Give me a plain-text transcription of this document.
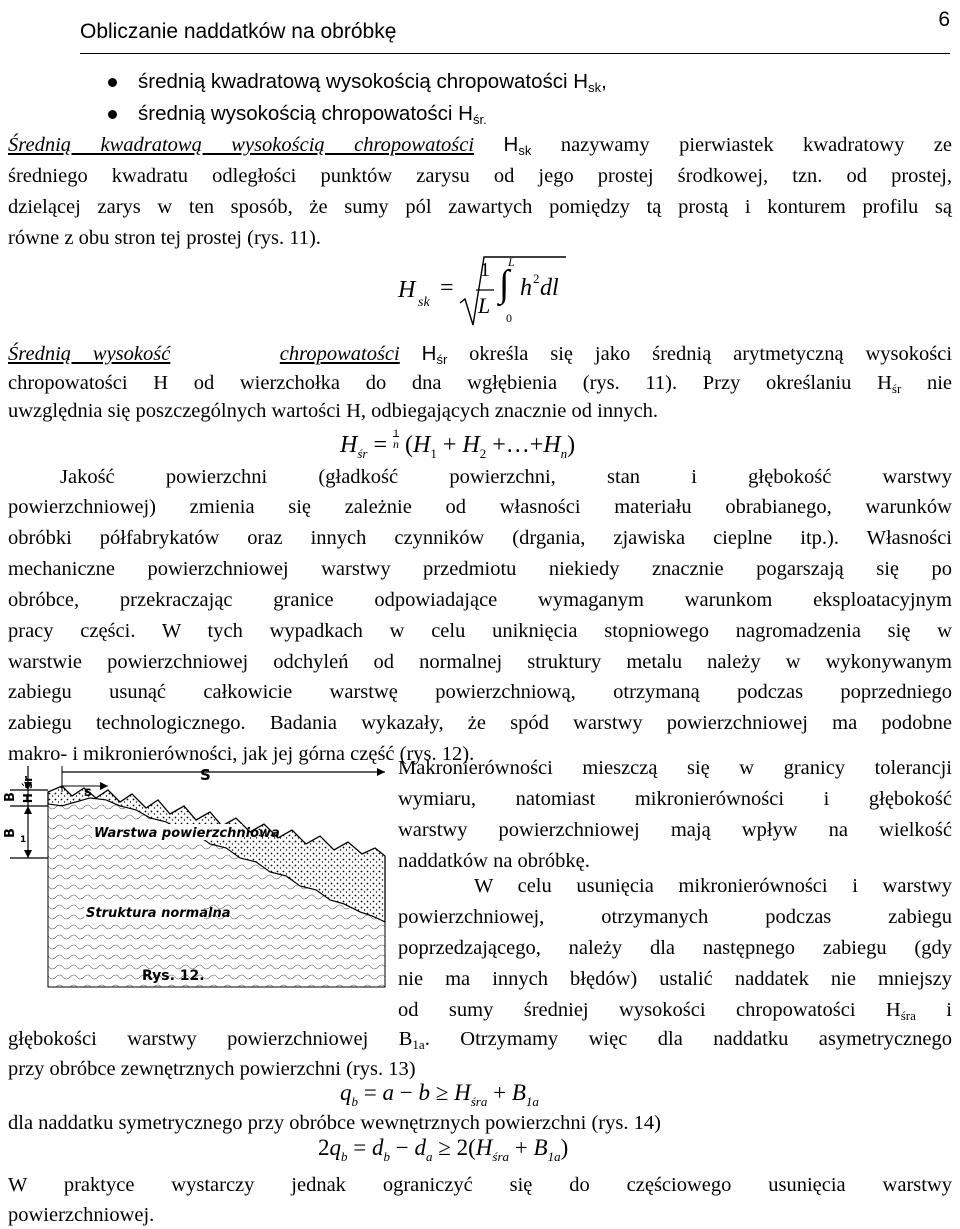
Obliczanie naddatków na obróbkę
6
średnią kwadratową wysokością chropowatości $H_{sk}$,
średnią wysokością chropowatości $H_{śr.}$
Średnią kwadratową wysokością chropowatości $H_{sk}$ nazywamy pierwiastek kwadratowy ze
średniego kwadratu odległości punktów zarysu od jego prostej środkowej, tzn. od prostej,
dzielącej zarys w ten sposób, że sumy pól zawartych pomiędzy tą prostą i konturem profilu są
równe z obu stron tej prostej (rys. 11).
H sk
=
1
L
∫
L
0
h 2 dl
Średnią wysokość	chropowatości $H_{śr}$ określa się jako średnią arytmetyczną wysokości
chropowatości H od wierzchołka do dna wgłębienia (rys. 11). Przy określaniu $H_{śr}$ nie
uwzględnia się poszczególnych wartości H, odbiegających znacznie od innych.
$H_{śr} = 1$
n ($H_1 + H_2$ $+\dots+H_n$)
Jakość powierzchni (gładkość powierzchni, stan i głębokość warstwy
powierzchniowej) zmienia się zależnie od własności materiału obrabianego, warunków
obróbki półfabrykatów oraz innych czynników (drgania, zjawiska cieplne itp.). Własności
mechaniczne powierzchniowej warstwy przedmiotu niekiedy znacznie pogarszają się po
obróbce, przekraczając granice odpowiadające wymaganym warunkom eksploatacyjnym
pracy części. W tych wypadkach w celu uniknięcia stopniowego nagromadzenia się w
warstwie powierzchniowej odchyleń od normalnej struktury metalu należy w wykonywanym
zabiegu usunąć całkowicie warstwę powierzchniową, otrzymaną podczas poprzedniego
zabiegu technologicznego. Badania wykazały, że spód warstwy powierzchniowej ma podobne
makro- i mikronierówności, jak jej górna część (rys. 12).
H śr
B
B
1
S
s
Warstwa powierzchniowa
Struktura normalna
Rys. 12.
Makronierówności mieszczą się w granicy tolerancji
wymiaru, natomiast mikronierówności i głębokość
warstwy powierzchniowej mają wpływ na wielkość
naddatków na obróbkę.
W celu usunięcia mikronierówności i warstwy
powierzchniowej, otrzymanych podczas zabiegu
poprzedzającego, należy dla następnego zabiegu (gdy
nie ma innych błędów) ustalić naddatek nie mniejszy
od sumy średniej wysokości chropowatości $H_{śra}$ i
głębokości warstwy powierzchniowej $B_{1a}$. Otrzymamy więc dla naddatku asymetrycznego
przy obróbce zewnętrznych powierzchni (rys. 13)
$q_b = a - b \ge H_{śra} + B_{1a}$
dla naddatku symetrycznego przy obróbce wewnętrznych powierzchni (rys. 14)
$2q_b = d_b - d_a \ge 2(H_{śra} + B_{1a})$
W praktyce wystarczy jednak ograniczyć się do częściowego usunięcia warstwy
powierzchniowej.
